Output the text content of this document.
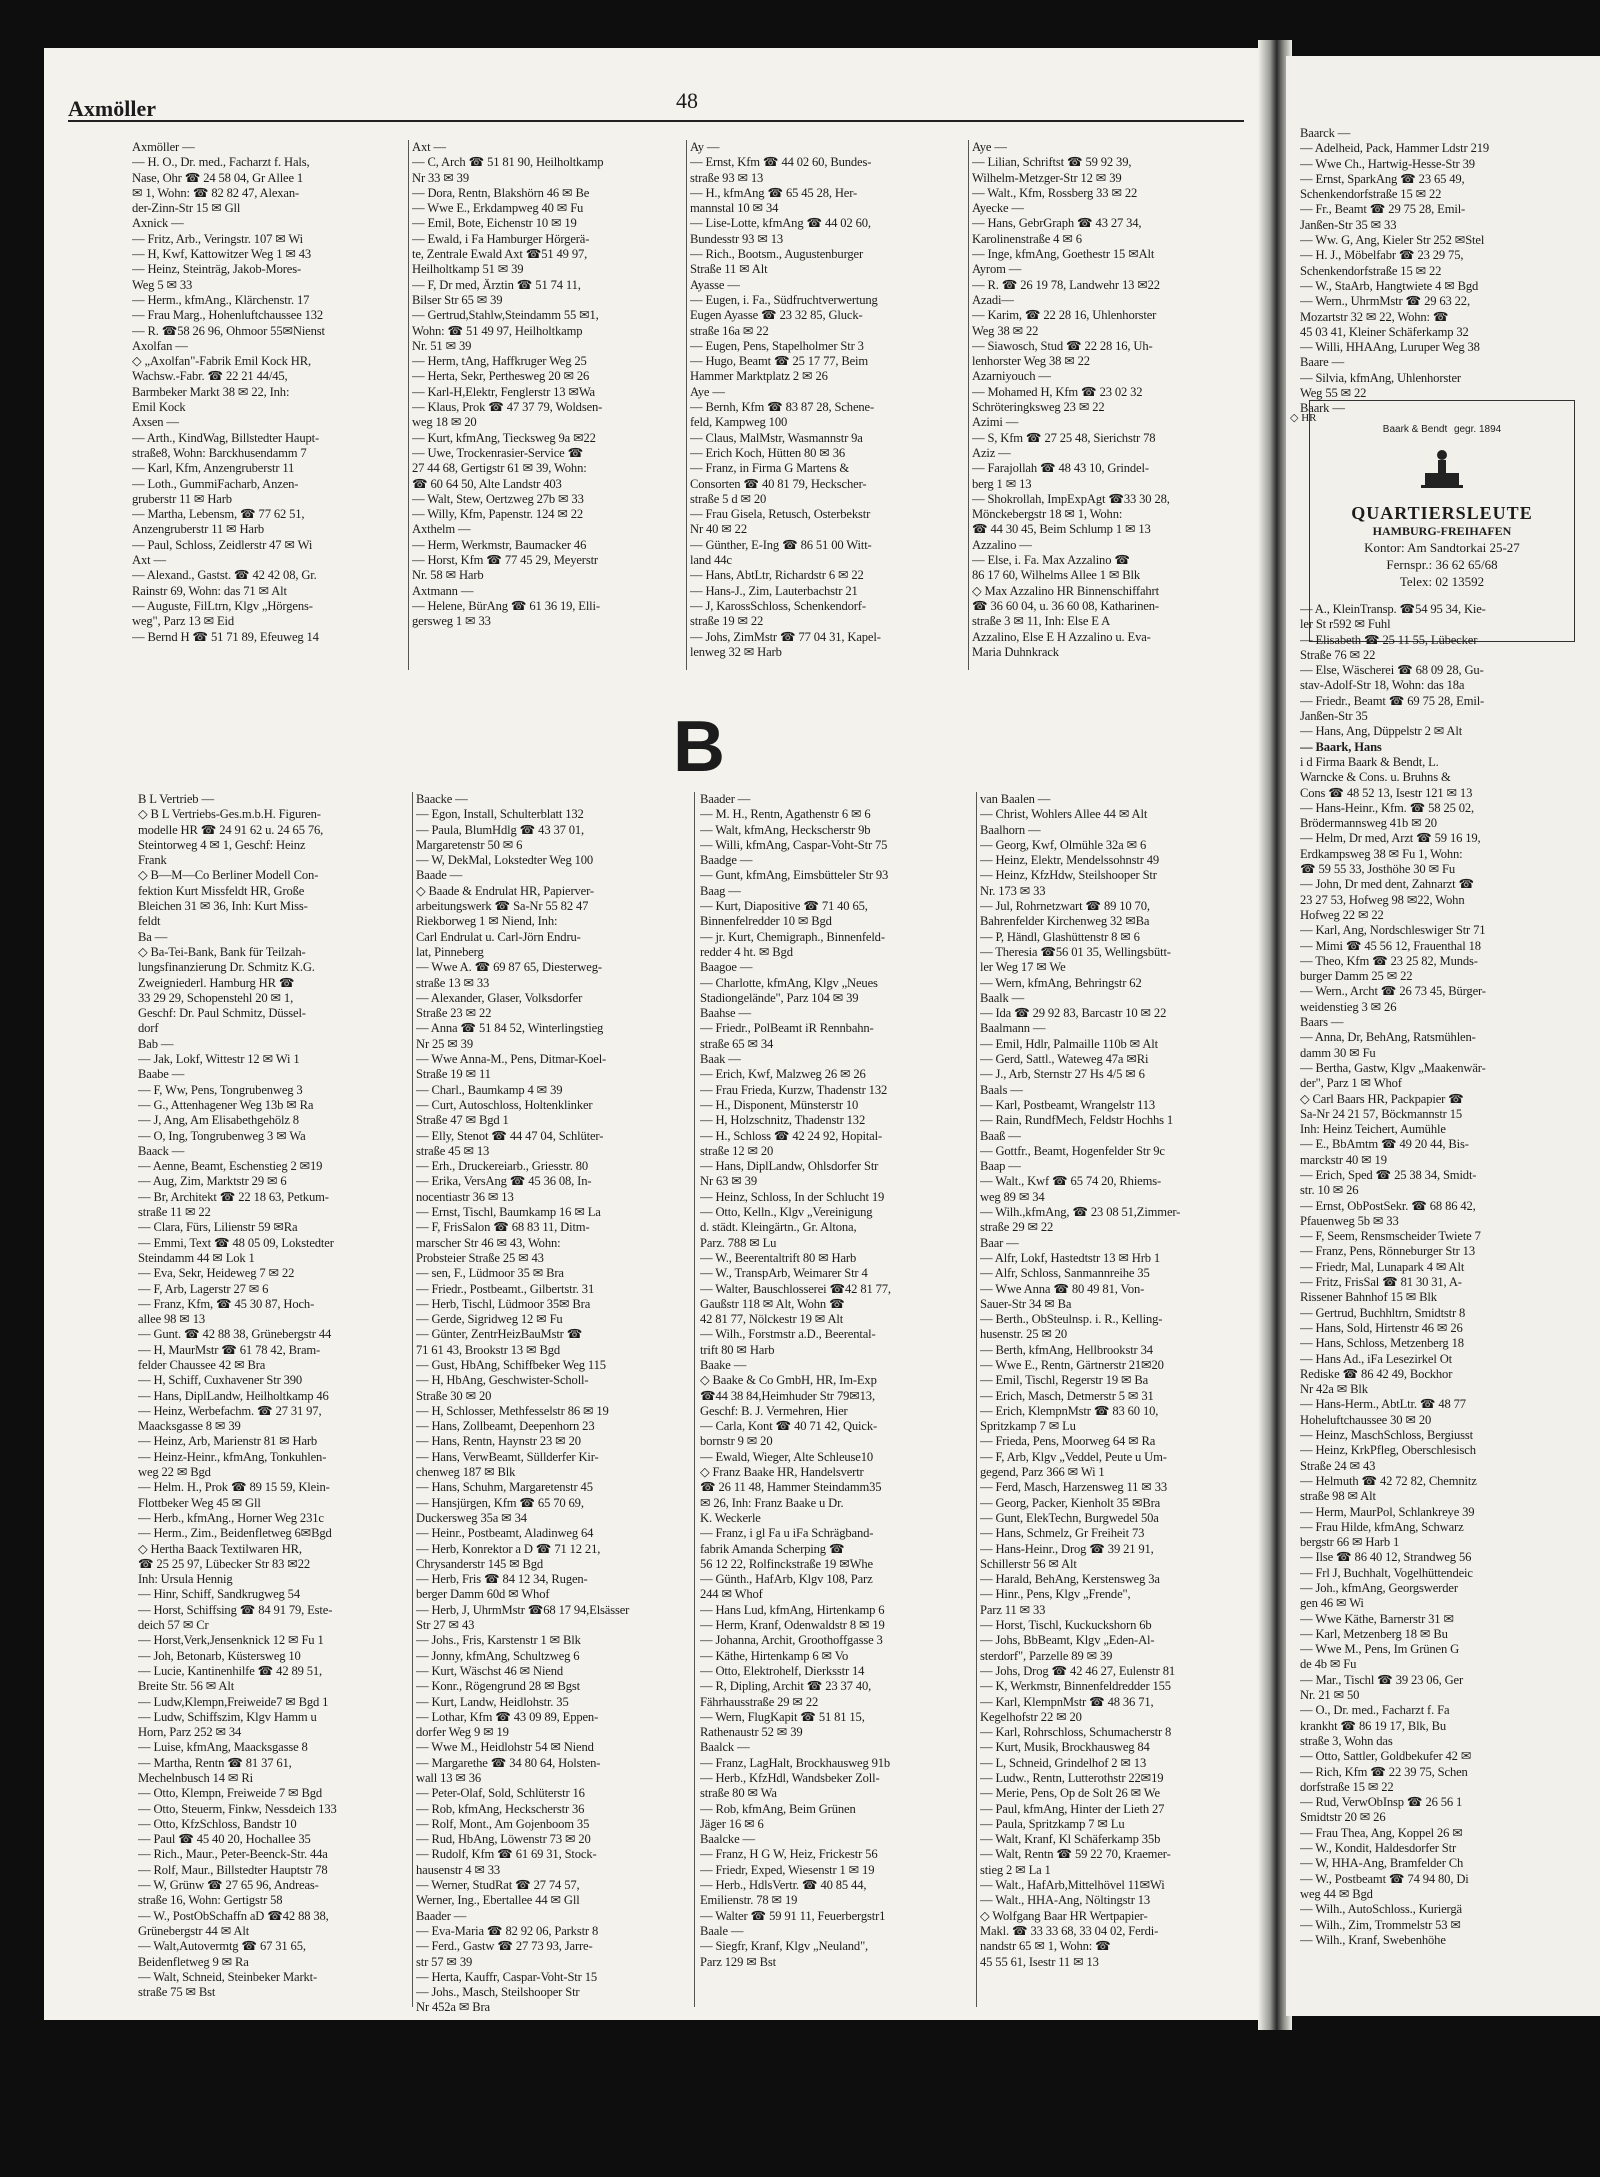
◇ HR
Baark & Bendt gegr. 1894
QUARTIERSLEUTE
HAMBURG-FREIHAFEN
Kontor: Am Sandtorkai 25-27
Fernspr.: 36 62 65/68
Telex: 02 13592
Axmöller	48
B
Axmöller —
— H. O., Dr. med., Facharzt f. Hals,
Nase, Ohr ☎ 24 58 04, Gr Allee 1
✉ 1, Wohn: ☎ 82 82 47, Alexan-
der-Zinn-Str 15 ✉ Gll
Axnick —
— Fritz, Arb., Veringstr. 107 ✉ Wi
— H, Kwf, Kattowitzer Weg 1 ✉ 43
— Heinz, Steinträg, Jakob-Mores-
Weg 5 ✉ 33
— Herm., kfmAng., Klärchenstr. 17
— Frau Marg., Hohenluftchaussee 132
— R. ☎58 26 96, Ohmoor 55✉Nienst
Axolfan —
◇ „Axolfan"-Fabrik Emil Kock HR,
Wachsw.-Fabr. ☎ 22 21 44/45,
Barmbeker Markt 38 ✉ 22, Inh:
Emil Kock
Axsen —
— Arth., KindWag, Billstedter Haupt-
straße8, Wohn: Barckhusendamm 7
— Karl, Kfm, Anzengruberstr 11
— Loth., GummiFacharb, Anzen-
gruberstr 11 ✉ Harb
— Martha, Lebensm, ☎ 77 62 51,
Anzengruberstr 11 ✉ Harb
— Paul, Schloss, Zeidlerstr 47 ✉ Wi
Axt —
— Alexand., Gastst. ☎ 42 42 08, Gr.
Rainstr 69, Wohn: das 71 ✉ Alt
— Auguste, FilLtrn, Klgv „Hörgens-
weg", Parz 13 ✉ Eid
— Bernd H ☎ 51 71 89, Efeuweg 14
Axt —
— C, Arch ☎ 51 81 90, Heilholtkamp
Nr 33 ✉ 39
— Dora, Rentn, Blakshörn 46 ✉ Be
— Wwe E., Erkdampweg 40 ✉ Fu
— Emil, Bote, Eichenstr 10 ✉ 19
— Ewald, i Fa Hamburger Hörgerä-
te, Zentrale Ewald Axt ☎51 49 97,
Heilholtkamp 51 ✉ 39
— F, Dr med, Ärztin ☎ 51 74 11,
Bilser Str 65 ✉ 39
— Gertrud,Stahlw,Steindamm 55 ✉1,
Wohn: ☎ 51 49 97, Heilholtkamp
Nr. 51 ✉ 39
— Herm, tAng, Haffkruger Weg 25
— Herta, Sekr, Perthesweg 20 ✉ 26
— Karl-H,Elektr, Fenglerstr 13 ✉Wa
— Klaus, Prok ☎ 47 37 79, Woldsen-
weg 18 ✉ 20
— Kurt, kfmAng, Tiecksweg 9a ✉22
— Uwe, Trockenrasier-Service ☎
27 44 68, Gertigstr 61 ✉ 39, Wohn:
☎ 60 64 50, Alte Landstr 403
— Walt, Stew, Oertzweg 27b ✉ 33
— Willy, Kfm, Papenstr. 124 ✉ 22
Axthelm —
— Herm, Werkmstr, Baumacker 46
— Horst, Kfm ☎ 77 45 29, Meyerstr
Nr. 58 ✉ Harb
Axtmann —
— Helene, BürAng ☎ 61 36 19, Elli-
gersweg 1 ✉ 33
Ay —
— Ernst, Kfm ☎ 44 02 60, Bundes-
straße 93 ✉ 13
— H., kfmAng ☎ 65 45 28, Her-
mannstal 10 ✉ 34
— Lise-Lotte, kfmAng ☎ 44 02 60,
Bundesstr 93 ✉ 13
— Rich., Bootsm., Augustenburger
Straße 11 ✉ Alt
Ayasse —
— Eugen, i. Fa., Südfruchtverwertung
Eugen Ayasse ☎ 23 32 85, Gluck-
straße 16a ✉ 22
— Eugen, Pens, Stapelholmer Str 3
— Hugo, Beamt ☎ 25 17 77, Beim
Hammer Marktplatz 2 ✉ 26
Aye —
— Bernh, Kfm ☎ 83 87 28, Schene-
feld, Kampweg 100
— Claus, MalMstr, Wasmannstr 9a
— Erich Koch, Hütten 80 ✉ 36
— Franz, in Firma G Martens &
Consorten ☎ 40 81 79, Heckscher-
straße 5 d ✉ 20
— Frau Gisela, Retusch, Osterbekstr
Nr 40 ✉ 22
— Günther, E-Ing ☎ 86 51 00 Witt-
land 44c
— Hans, AbtLtr, Richardstr 6 ✉ 22
— Hans-J., Zim, Lauterbachstr 21
— J, KarossSchloss, Schenkendorf-
straße 19 ✉ 22
— Johs, ZimMstr ☎ 77 04 31, Kapel-
lenweg 32 ✉ Harb
Aye —
— Lilian, Schriftst ☎ 59 92 39,
Wilhelm-Metzger-Str 12 ✉ 39
— Walt., Kfm, Rossberg 33 ✉ 22
Ayecke —
— Hans, GebrGraph ☎ 43 27 34,
Karolinenstraße 4 ✉ 6
— Inge, kfmAng, Goethestr 15 ✉Alt
Ayrom —
— R. ☎ 26 19 78, Landwehr 13 ✉22
Azadi—
— Karim, ☎ 22 28 16, Uhlenhorster
Weg 38 ✉ 22
— Siawosch, Stud ☎ 22 28 16, Uh-
lenhorster Weg 38 ✉ 22
Azarniyouch —
— Mohamed H, Kfm ☎ 23 02 32
Schröteringksweg 23 ✉ 22
Azimi —
— S, Kfm ☎ 27 25 48, Sierichstr 78
Aziz —
— Farajollah ☎ 48 43 10, Grindel-
berg 1 ✉ 13
— Shokrollah, ImpExpAgt ☎33 30 28,
Mönckebergstr 18 ✉ 1, Wohn:
☎ 44 30 45, Beim Schlump 1 ✉ 13
Azzalino —
— Else, i. Fa. Max Azzalino ☎
86 17 60, Wilhelms Allee 1 ✉ Blk
◇ Max Azzalino HR Binnenschiffahrt
☎ 36 60 04, u. 36 60 08, Katharinen-
straße 3 ✉ 11, Inh: Else E A
Azzalino, Else E H Azzalino u. Eva-
Maria Duhnkrack
B L Vertrieb —
◇ B L Vertriebs-Ges.m.b.H. Figuren-
modelle HR ☎ 24 91 62 u. 24 65 76,
Steintorweg 4 ✉ 1, Geschf: Heinz
Frank
◇ B—M—Co Berliner Modell Con-
fektion Kurt Missfeldt HR, Große
Bleichen 31 ✉ 36, Inh: Kurt Miss-
feldt
Ba —
◇ Ba-Tei-Bank, Bank für Teilzah-
lungsfinanzierung Dr. Schmitz K.G.
Zweigniederl. Hamburg HR ☎
33 29 29, Schopenstehl 20 ✉ 1,
Geschf: Dr. Paul Schmitz, Düssel-
dorf
Bab —
— Jak, Lokf, Wittestr 12 ✉ Wi 1
Baabe —
— F, Ww, Pens, Tongrubenweg 3
— G., Attenhagener Weg 13b ✉ Ra
— J, Ang, Am Elisabethgehölz 8
— O, Ing, Tongrubenweg 3 ✉ Wa
Baack —
— Aenne, Beamt, Eschenstieg 2 ✉19
— Aug, Zim, Marktstr 29 ✉ 6
— Br, Architekt ☎ 22 18 63, Petkum-
straße 11 ✉ 22
— Clara, Fürs, Lilienstr 59 ✉Ra
— Emmi, Text ☎ 48 05 09, Lokstedter
Steindamm 44 ✉ Lok 1
— Eva, Sekr, Heideweg 7 ✉ 22
— F, Arb, Lagerstr 27 ✉ 6
— Franz, Kfm, ☎ 45 30 87, Hoch-
allee 98 ✉ 13
— Gunt. ☎ 42 88 38, Grünebergstr 44
— H, MaurMstr ☎ 61 78 42, Bram-
felder Chaussee 42 ✉ Bra
— H, Schiff, Cuxhavener Str 390
— Hans, DiplLandw, Heilholtkamp 46
— Heinz, Werbefachm. ☎ 27 31 97,
Maacksgasse 8 ✉ 39
— Heinz, Arb, Marienstr 81 ✉ Harb
— Heinz-Heinr., kfmAng, Tonkuhlen-
weg 22 ✉ Bgd
— Helm. H., Prok ☎ 89 15 59, Klein-
Flottbeker Weg 45 ✉ Gll
— Herb., kfmAng., Horner Weg 231c
— Herm., Zim., Beidenfletweg 6✉Bgd
◇ Hertha Baack Textilwaren HR,
☎ 25 25 97, Lübecker Str 83 ✉22
Inh: Ursula Hennig
— Hinr, Schiff, Sandkrugweg 54
— Horst, Schiffsing ☎ 84 91 79, Este-
deich 57 ✉ Cr
— Horst,Verk,Jensenknick 12 ✉ Fu 1
— Joh, Betonarb, Küstersweg 10
— Lucie, Kantinenhilfe ☎ 42 89 51,
Breite Str. 56 ✉ Alt
— Ludw,Klempn,Freiweide7 ✉ Bgd 1
— Ludw, Schiffszim, Klgv Hamm u
Horn, Parz 252 ✉ 34
— Luise, kfmAng, Maacksgasse 8
— Martha, Rentn ☎ 81 37 61,
Mechelnbusch 14 ✉ Ri
— Otto, Klempn, Freiweide 7 ✉ Bgd
— Otto, Steuerm, Finkw, Nessdeich 133
— Otto, KfzSchloss, Bandstr 10
— Paul ☎ 45 40 20, Hochallee 35
— Rich., Maur., Peter-Beenck-Str. 44a
— Rolf, Maur., Billstedter Hauptstr 78
— W, Grünw ☎ 27 65 96, Andreas-
straße 16, Wohn: Gertigstr 58
— W., PostObSchaffn aD ☎42 88 38,
Grünebergstr 44 ✉ Alt
— Walt,Autovermtg ☎ 67 31 65,
Beidenfletweg 9 ✉ Ra
— Walt, Schneid, Steinbeker Markt-
straße 75 ✉ Bst
Baacke —
— Egon, Install, Schulterblatt 132
— Paula, BlumHdlg ☎ 43 37 01,
Margaretenstr 50 ✉ 6
— W, DekMal, Lokstedter Weg 100
Baade —
◇ Baade & Endrulat HR, Papierver-
arbeitungswerk ☎ Sa-Nr 55 82 47
Riekborweg 1 ✉ Niend, Inh:
Carl Endrulat u. Carl-Jörn Endru-
lat, Pinneberg
— Wwe A. ☎ 69 87 65, Diesterweg-
straße 13 ✉ 33
— Alexander, Glaser, Volksdorfer
Straße 23 ✉ 22
— Anna ☎ 51 84 52, Winterlingstieg
Nr 25 ✉ 39
— Wwe Anna-M., Pens, Ditmar-Koel-
Straße 19 ✉ 11
— Charl., Baumkamp 4 ✉ 39
— Curt, Autoschloss, Holtenklinker
Straße 47 ✉ Bgd 1
— Elly, Stenot ☎ 44 47 04, Schlüter-
straße 45 ✉ 13
— Erh., Druckereiarb., Griesstr. 80
— Erika, VersAng ☎ 45 36 08, In-
nocentiastr 36 ✉ 13
— Ernst, Tischl, Baumkamp 16 ✉ La
— F, FrisSalon ☎ 68 83 11, Ditm-
marscher Str 46 ✉ 43, Wohn:
Probsteier Straße 25 ✉ 43
— sen, F., Lüdmoor 35 ✉ Bra
— Friedr., Postbeamt., Gilbertstr. 31
— Herb, Tischl, Lüdmoor 35✉ Bra
— Gerde, Sigridweg 12 ✉ Fu
— Günter, ZentrHeizBauMstr ☎
71 61 43, Brookstr 13 ✉ Bgd
— Gust, HbAng, Schiffbeker Weg 115
— H, HbAng, Geschwister-Scholl-
Straße 30 ✉ 20
— H, Schlosser, Methfesselstr 86 ✉ 19
— Hans, Zollbeamt, Deepenhorn 23
— Hans, Rentn, Haynstr 23 ✉ 20
— Hans, VerwBeamt, Süllderfer Kir-
chenweg 187 ✉ Blk
— Hans, Schuhm, Margaretenstr 45
— Hansjürgen, Kfm ☎ 65 70 69,
Duckersweg 35a ✉ 34
— Heinr., Postbeamt, Aladinweg 64
— Herb, Konrektor a D ☎ 71 12 21,
Chrysanderstr 145 ✉ Bgd
— Herb, Fris ☎ 84 12 34, Rugen-
berger Damm 60d ✉ Whof
— Herb, J, UhrmMstr ☎68 17 94,Elsässer
Str 27 ✉ 43
— Johs., Fris, Karstenstr 1 ✉ Blk
— Jonny, kfmAng, Schultzweg 6
— Kurt, Wäschst 46 ✉ Niend
— Konr., Rögengrund 28 ✉ Bgst
— Kurt, Landw, Heidlohstr. 35
— Lothar, Kfm ☎ 43 09 89, Eppen-
dorfer Weg 9 ✉ 19
— Wwe M., Heidlohstr 54 ✉ Niend
— Margarethe ☎ 34 80 64, Holsten-
wall 13 ✉ 36
— Peter-Olaf, Sold, Schlüterstr 16
— Rob, kfmAng, Heckscherstr 36
— Rolf, Mont., Am Gojenboom 35
— Rud, HbAng, Löwenstr 73 ✉ 20
— Rudolf, Kfm ☎ 61 69 31, Stock-
hausenstr 4 ✉ 33
— Werner, StudRat ☎ 27 74 57,
Werner, Ing., Ebertallee 44 ✉ Gll
Baader —
— Eva-Maria ☎ 82 92 06, Parkstr 8
— Ferd., Gastw ☎ 27 73 93, Jarre-
str 57 ✉ 39
— Herta, Kauffr, Caspar-Voht-Str 15
— Johs., Masch, Steilshooper Str
Nr 452a ✉ Bra
Baader —
— M. H., Rentn, Agathenstr 6 ✉ 6
— Walt, kfmAng, Heckscherstr 9b
— Willi, kfmAng, Caspar-Voht-Str 75
Baadge —
— Gunt, kfmAng, Eimsbütteler Str 93
Baag —
— Kurt, Diapositive ☎ 71 40 65,
Binnenfelredder 10 ✉ Bgd
— jr. Kurt, Chemigraph., Binnenfeld-
redder 4 ht. ✉ Bgd
Baagoe —
— Charlotte, kfmAng, Klgv „Neues
Stadiongelände", Parz 104 ✉ 39
Baahse —
— Friedr., PolBeamt iR Rennbahn-
straße 65 ✉ 34
Baak —
— Erich, Kwf, Malzweg 26 ✉ 26
— Frau Frieda, Kurzw, Thadenstr 132
— H., Disponent, Münsterstr 10
— H, Holzschnitz, Thadenstr 132
— H., Schloss ☎ 42 24 92, Hopital-
straße 12 ✉ 20
— Hans, DiplLandw, Ohlsdorfer Str
Nr 63 ✉ 39
— Heinz, Schloss, In der Schlucht 19
— Otto, Kelln., Klgv „Vereinigung
d. städt. Kleingärtn., Gr. Altona,
Parz. 788 ✉ Lu
— W., Beerentaltrift 80 ✉ Harb
— W., TranspArb, Weimarer Str 4
— Walter, Bauschlosserei ☎42 81 77,
Gaußstr 118 ✉ Alt, Wohn ☎
42 81 77, Nölckestr 19 ✉ Alt
— Wilh., Forstmstr a.D., Beerental-
trift 80 ✉ Harb
Baake —
◇ Baake & Co GmbH, HR, Im-Exp
☎44 38 84,Heimhuder Str 79✉13,
Geschf: B. J. Vermehren, Hier
— Carla, Kont ☎ 40 71 42, Quick-
bornstr 9 ✉ 20
— Ewald, Wieger, Alte Schleuse10
◇ Franz Baake HR, Handelsvertr
☎ 26 11 48, Hammer Steindamm35
✉ 26, Inh: Franz Baake u Dr.
K. Weckerle
— Franz, i gl Fa u iFa Schrägband-
fabrik Amanda Scherping ☎
56 12 22, Rolfinckstraße 19 ✉Whe
— Günth., HafArb, Klgv 108, Parz
244 ✉ Whof
— Hans Lud, kfmAng, Hirtenkamp 6
— Herm, Kranf, Odenwaldstr 8 ✉ 19
— Johanna, Archit, Groothoffgasse 3
— Käthe, Hirtenkamp 6 ✉ Vo
— Otto, Elektrohelf, Dierksstr 14
— R, Dipling, Archit ☎ 23 37 40,
Fährhausstraße 29 ✉ 22
— Wern, FlugKapit ☎ 51 81 15,
Rathenaustr 52 ✉ 39
Baalck —
— Franz, LagHalt, Brockhausweg 91b
— Herb., KfzHdl, Wandsbeker Zoll-
straße 80 ✉ Wa
— Rob, kfmAng, Beim Grünen
Jäger 16 ✉ 6
Baalcke —
— Franz, H G W, Heiz, Frickestr 56
— Friedr, Exped, Wiesenstr 1 ✉ 19
— Herb., HdlsVertr. ☎ 40 85 44,
Emilienstr. 78 ✉ 19
— Walter ☎ 59 91 11, Feuerbergstr1
Baale —
— Siegfr, Kranf, Klgv „Neuland",
Parz 129 ✉ Bst
van Baalen —
— Christ, Wohlers Allee 44 ✉ Alt
Baalhorn —
— Georg, Kwf, Olmühle 32a ✉ 6
— Heinz, Elektr, Mendelssohnstr 49
— Heinz, KfzHdw, Steilshooper Str
Nr. 173 ✉ 33
— Jul, Rohrnetzwart ☎ 89 10 70,
Bahrenfelder Kirchenweg 32 ✉Ba
— P, Händl, Glashüttenstr 8 ✉ 6
— Theresia ☎56 01 35, Wellingsbütt-
ler Weg 17 ✉ We
— Wern, kfmAng, Behringstr 62
Baalk —
— Ida ☎ 29 92 83, Barcastr 10 ✉ 22
Baalmann —
— Emil, Hdlr, Palmaille 110b ✉ Alt
— Gerd, Sattl., Wateweg 47a ✉Ri
— J., Arb, Sternstr 27 Hs 4/5 ✉ 6
Baals —
— Karl, Postbeamt, Wrangelstr 113
— Rain, RundfMech, Feldstr Hochhs 1
Baaß —
— Gottfr., Beamt, Hogenfelder Str 9c
Baap —
— Walt., Kwf ☎ 65 74 20, Rhiems-
weg 89 ✉ 34
— Wilh.,kfmAng, ☎ 23 08 51,Zimmer-
straße 29 ✉ 22
Baar —
— Alfr, Lokf, Hastedtstr 13 ✉ Hrb 1
— Alfr, Schloss, Sanmannreihe 35
— Wwe Anna ☎ 80 49 81, Von-
Sauer-Str 34 ✉ Ba
— Berth., ObSteulnsp. i. R., Kelling-
husenstr. 25 ✉ 20
— Berth, kfmAng, Hellbrookstr 34
— Wwe E., Rentn, Gärtnerstr 21✉20
— Emil, Tischl, Regerstr 19 ✉ Ba
— Erich, Masch, Detmerstr 5 ✉ 31
— Erich, KlempnMstr ☎ 83 60 10,
Spritzkamp 7 ✉ Lu
— Frieda, Pens, Moorweg 64 ✉ Ra
— F, Arb, Klgv „Veddel, Peute u Um-
gegend, Parz 366 ✉ Wi 1
— Ferd, Masch, Harzensweg 11 ✉ 33
— Georg, Packer, Kienholt 35 ✉Bra
— Gunt, ElekTechn, Burgwedel 50a
— Hans, Schmelz, Gr Freiheit 73
— Hans-Heinr., Drog ☎ 39 21 91,
Schillerstr 56 ✉ Alt
— Harald, BehAng, Kerstensweg 3a
— Hinr., Pens, Klgv „Frende",
Parz 11 ✉ 33
— Horst, Tischl, Kuckuckshorn 6b
— Johs, BbBeamt, Klgv „Eden-Al-
sterdorf", Parzelle 89 ✉ 39
— Johs, Drog ☎ 42 46 27, Eulenstr 81
— K, Werkmstr, Binnenfeldredder 155
— Karl, KlempnMstr ☎ 48 36 71,
Kegelhofstr 22 ✉ 20
— Karl, Rohrschloss, Schumacherstr 8
— Kurt, Musik, Brockhausweg 84
— L, Schneid, Grindelhof 2 ✉ 13
— Ludw., Rentn, Lutterothstr 22✉19
— Merie, Pens, Op de Solt 26 ✉ We
— Paul, kfmAng, Hinter der Lieth 27
— Paula, Spritzkamp 7 ✉ Lu
— Walt, Kranf, Kl Schäferkamp 35b
— Walt, Rentn ☎ 59 22 70, Kraemer-
stieg 2 ✉ La 1
— Walt., HafArb,Mittelhövel 11✉Wi
— Walt., HHA-Ang, Nöltingstr 13
◇ Wolfgang Baar HR Wertpapier-
Makl. ☎ 33 33 68, 33 04 02, Ferdi-
nandstr 65 ✉ 1, Wohn: ☎
45 55 61, Isestr 11 ✉ 13
Baarck —
— Adelheid, Pack, Hammer Ldstr 219
— Wwe Ch., Hartwig-Hesse-Str 39
— Ernst, SparkAng ☎ 23 65 49,
Schenkendorfstraße 15 ✉ 22
— Fr., Beamt ☎ 29 75 28, Emil-
Janßen-Str 35 ✉ 33
— Ww. G, Ang, Kieler Str 252 ✉Stel
— H. J., Möbelfabr ☎ 23 29 75,
Schenkendorfstraße 15 ✉ 22
— W., StaArb, Hangtwiete 4 ✉ Bgd
— Wern., UhrmMstr ☎ 29 63 22,
Mozartstr 32 ✉ 22, Wohn: ☎
45 03 41, Kleiner Schäferkamp 32
— Willi, HHAAng, Luruper Weg 38
Baare —
— Silvia, kfmAng, Uhlenhorster
Weg 55 ✉ 22
Baark —
— A., KleinTransp. ☎54 95 34, Kie-
ler St r592 ✉ Fuhl
— Elisabeth ☎ 25 11 55, Lübecker
Straße 76 ✉ 22
— Else, Wäscherei ☎ 68 09 28, Gu-
stav-Adolf-Str 18, Wohn: das 18a
— Friedr., Beamt ☎ 69 75 28, Emil-
Janßen-Str 35
— Hans, Ang, Düppelstr 2 ✉ Alt
— Baark, Hans
i d Firma Baark & Bendt, L.
Warncke & Cons. u. Bruhns &
Cons ☎ 48 52 13, Isestr 121 ✉ 13
— Hans-Heinr., Kfm. ☎ 58 25 02,
Brödermannsweg 41b ✉ 20
— Helm, Dr med, Arzt ☎ 59 16 19,
Erdkampsweg 38 ✉ Fu 1, Wohn:
☎ 59 55 33, Josthöhe 30 ✉ Fu
— John, Dr med dent, Zahnarzt ☎
23 27 53, Hofweg 98 ✉22, Wohn
Hofweg 22 ✉ 22
— Karl, Ang, Nordschleswiger Str 71
— Mimi ☎ 45 56 12, Frauenthal 18
— Theo, Kfm ☎ 23 25 82, Munds-
burger Damm 25 ✉ 22
— Wern., Archt ☎ 26 73 45, Bürger-
weidenstieg 3 ✉ 26
Baars —
— Anna, Dr, BehAng, Ratsmühlen-
damm 30 ✉ Fu
— Bertha, Gastw, Klgv „Maakenwär-
der", Parz 1 ✉ Whof
◇ Carl Baars HR, Packpapier ☎
Sa-Nr 24 21 57, Böckmannstr 15
Inh: Heinz Teichert, Aumühle
— E., BbAmtm ☎ 49 20 44, Bis-
marckstr 40 ✉ 19
— Erich, Sped ☎ 25 38 34, Smidt-
str. 10 ✉ 26
— Ernst, ObPostSekr. ☎ 68 86 42,
Pfauenweg 5b ✉ 33
— F, Seem, Rensmscheider Twiete 7
— Franz, Pens, Rönneburger Str 13
— Friedr, Mal, Lunapark 4 ✉ Alt
— Fritz, FrisSal ☎ 81 30 31, A-
Rissener Bahnhof 15 ✉ Blk
— Gertrud, Buchhltrn, Smidtstr 8
— Hans, Sold, Hirtenstr 46 ✉ 26
— Hans, Schloss, Metzenberg 18
— Hans Ad., iFa Lesezirkel Ot
Rediske ☎ 86 42 49, Bockhor
Nr 42a ✉ Blk
— Hans-Herm., AbtLtr. ☎ 48 77
Hoheluftchaussee 30 ✉ 20
— Heinz, MaschSchloss, Bergiusst
— Heinz, KrkPfleg, Oberschlesisch
Straße 24 ✉ 43
— Helmuth ☎ 42 72 82, Chemnitz
straße 98 ✉ Alt
— Herm, MaurPol, Schlankreye 39
— Frau Hilde, kfmAng, Schwarz
bergstr 66 ✉ Harb 1
— Ilse ☎ 86 40 12, Strandweg 56
— Frl J, Buchhalt, Vogelhüttendeic
— Joh., kfmAng, Georgswerder
gen 46 ✉ Wi
— Wwe Käthe, Barnerstr 31 ✉
— Karl, Metzenberg 18 ✉ Bu
— Wwe M., Pens, Im Grünen G
de 4b ✉ Fu
— Mar., Tischl ☎ 39 23 06, Ger
Nr. 21 ✉ 50
— O., Dr. med., Facharzt f. Fa
krankht ☎ 86 19 17, Blk, Bu
straße 3, Wohn das
— Otto, Sattler, Goldbekufer 42 ✉
— Rich, Kfm ☎ 22 39 75, Schen
dorfstraße 15 ✉ 22
— Rud, VerwObInsp ☎ 26 56 1
Smidtstr 20 ✉ 26
— Frau Thea, Ang, Koppel 26 ✉
— W., Kondit, Haldesdorfer Str
— W, HHA-Ang, Bramfelder Ch
— W., Postbeamt ☎ 74 94 80, Di
weg 44 ✉ Bgd
— Wilh., AutoSchloss., Kuriergä
— Wilh., Zim, Trommelstr 53 ✉
— Wilh., Kranf, Swebenhöhe
